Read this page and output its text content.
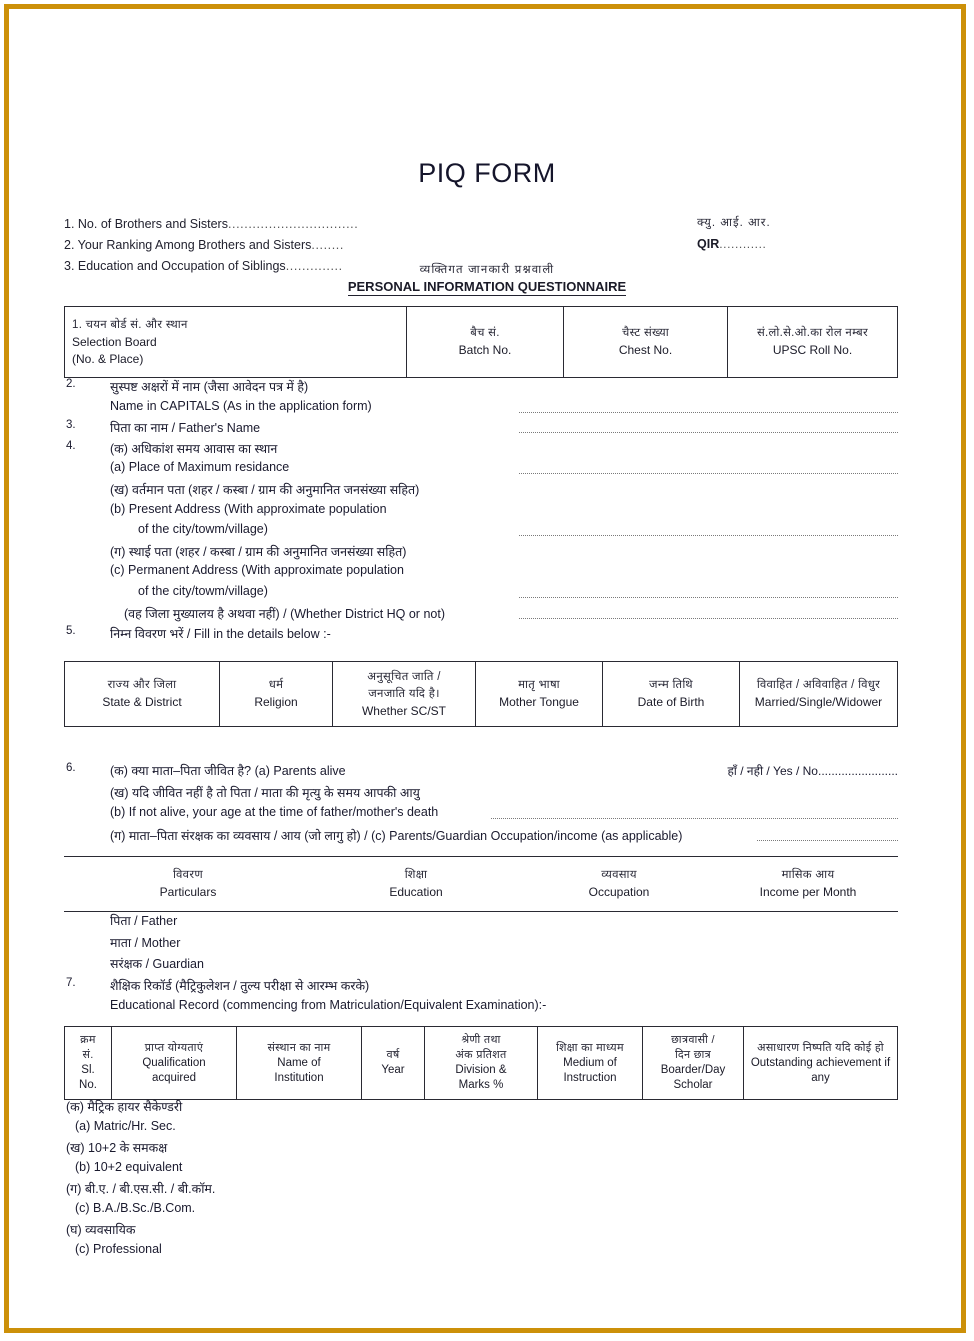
PIQ FORM
1. No. of Brothers and Sisters................................
2. Your Ranking Among Brothers and Sisters........
3. Education and Occupation of Siblings..............
क्यु. आई. आर.
QIR............
व्यक्तिगत जानकारी प्रश्नवाली
PERSONAL INFORMATION QUESTIONNAIRE
1. चयन बोर्ड सं. और स्थान
Selection Board
(No. & Place)

बैच सं.
Batch No.

चैस्ट संख्या
Chest No.

सं.लो.से.ओ.का रोल नम्बर
UPSC Roll No.
2.	सुस्पष्ट अक्षरों में नाम (जैसा आवेदन पत्र में है)
Name in CAPITALS (As in the application form)
3.	पिता का नाम / Father's Name
4.	(क) अधिकांश समय आवास का स्थान
(a) Place of Maximum residance
(ख) वर्तमान पता (शहर / कस्बा / ग्राम की अनुमानित जनसंख्या सहित)
(b) Present Address (With approximate population
of the city/towm/village)
(ग) स्थाई पता (शहर / कस्बा / ग्राम की अनुमानित जनसंख्या सहित)
(c) Permanent Address (With approximate population
of the city/towm/village)
(वह जिला मुख्यालय है अथवा नहीं) / (Whether District HQ or not)
5.	निम्न विवरण भरें / Fill in the details below :-
राज्य और जिला
State & District

धर्म
Religion

अनुसूचित जाति /
जनजाति यदि है।
Whether SC/ST

मातृ भाषा
Mother Tongue

जन्म तिथि
Date of Birth

विवाहित / अविवाहित / विधुर
Married/Single/Widower
6.	(क) क्या माता–पिता जीवित है? (a) Parents alive	हाँ / नही / Yes / No........................
(ख) यदि जीवित नहीं है तो पिता / माता की मृत्यु के समय आपकी आयु
(b) If not alive, your age at the time of father/mother's death
(ग) माता–पिता संरक्षक का व्यवसाय / आय (जो लागु हो) / (c) Parents/Guardian Occupation/income (as applicable)
विवरण
Particulars

शिक्षा
Education

व्यवसाय
Occupation

मासिक आय
Income per Month
पिता / Father
माता / Mother
सरंक्षक / Guardian
7.	शैक्षिक रिकॉर्ड (मैट्रिकुलेशन / तुल्य परीक्षा से आरम्भ करके)
Educational Record (commencing from Matriculation/Equivalent Examination):-
क्रम
सं.
Sl.
No.

प्राप्त योग्यताएं
Qualification
acquired

संस्थान का नाम
Name of
Institution

वर्ष
Year

श्रेणी तथा
अंक प्रतिशत
Division &
Marks %

शिक्षा का माध्यम
Medium of
Instruction

छात्रवासी /
दिन छात्र
Boarder/Day
Scholar

असाधारण निष्पति यदि कोई हो
Outstanding achievement if
any
(क) मैट्रिक हायर सैकेण्डरी
(a) Matric/Hr. Sec.
(ख) 10+2 के समकक्ष
(b) 10+2 equivalent
(ग) बी.ए. / बी.एस.सी. / बी.कॉम.
(c) B.A./B.Sc./B.Com.
(घ) व्यवसायिक
(c) Professional
